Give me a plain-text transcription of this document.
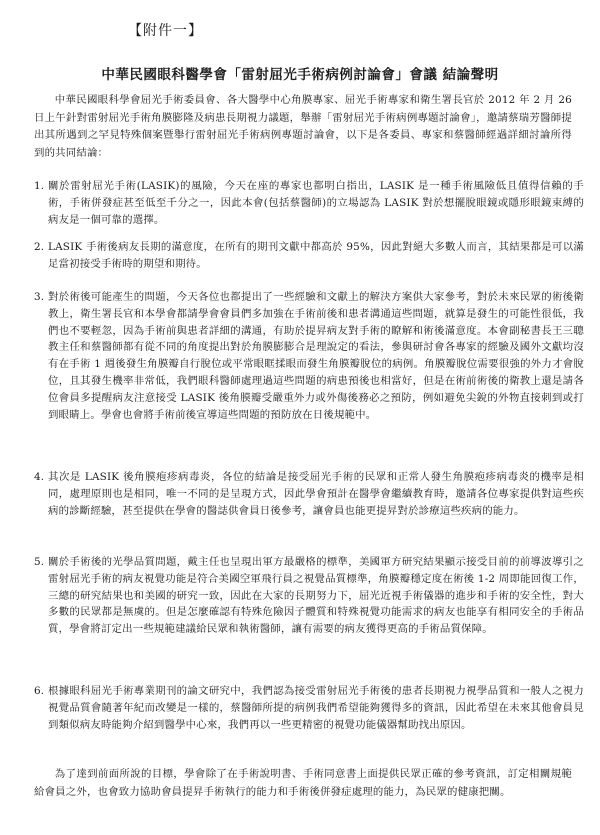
【附件一】
中華民國眼科醫學會「雷射屈光手術病例討論會」會議 結論聲明
中華民國眼科學會屈光手術委員會、各大醫學中心角膜專家、屈光手術專家和衛生署長官於 2012 年 2 月 26 日上午針對雷射屈光手術角膜膨隆及病患長期視力議題，舉辦「雷射屈光手術病例專題討論會」，邀請蔡瑞芳醫師提出其所遇到之罕見特殊個案暨舉行雷射屈光手術病例專題討論會，以下是各委員、專家和蔡醫師經過詳細討論所得到的共同結論：
1. 關於雷射屈光手術(LASIK)的風險，今天在座的專家也都明白指出，LASIK 是一種手術風險低且值得信賴的手術，手術併發症甚至低至千分之一，因此本會(包括蔡醫師)的立場認為 LASIK 對於想擺脫眼鏡或隱形眼鏡束縛的病友是一個可靠的選擇。
2. LASIK 手術後病友長期的滿意度，在所有的期刊文獻中都高於 95%，因此對絕大多數人而言，其結果都是可以滿足當初接受手術時的期望和期待。
3. 對於術後可能產生的問題，今天各位也都提出了一些經驗和文獻上的解決方案供大家參考，對於未來民眾的術後衛教上，衛生署長官和本學會都請學會會員們多加強在手術前後和患者溝通這些問題，就算是發生的可能性很低，我們也不要輕忽，因為手術前與患者詳細的溝通，有助於提昇病友對手術的瞭解和術後滿意度。本會副秘書長王三聰教主任和蔡醫師都有從不同的角度提出對於角膜膨膨合是理說定的看法，參與研討會各專家的經驗及國外文獻均沒有在手術 1 週後發生角膜瓣自行脫位或平常眼眶揉眼而發生角膜瓣脫位的病例。角膜瓣脫位需要很強的外力才會脫位，且其發生機率非常低，我們眼科醫師處理過這些問題的病患預後也相當好，但是在術前術後的衛教上還是請各位會員多提醒病友注意接受 LASIK 後角膜瓣受嚴重外力或外傷後務必之預防，例如避免尖銳的外物直接刺到或打到眼睛上。學會也會將手術前後宣導這些問題的預防放在日後規範中。
4. 其次是 LASIK 後角膜疱疹病毒炎，各位的結論是接受屈光手術的民眾和正常人發生角膜疱疹病毒炎的機率是相同，處理原則也是相同，唯一不同的是呈現方式，因此學會預計在醫學會繼續教育時，邀請各位專家提供對這些疾病的診斷經驗，甚至提供在學會的醫誌供會員日後參考，讓會員也能更提昇對於診療這些疾病的能力。
5. 關於手術後的光學品質問題，戴主任也呈現出軍方最嚴格的標準，美國軍方研究結果顯示接受目前的前導波導引之雷射屈光手術的病友視覺功能是符合美國空軍飛行員之視覺品質標準，角膜瓣穩定度在術後 1-2 周即能回復工作，三總的研究結果也和美國的研究一致，因此在大家的長期努力下，屈光近視手術儀器的進步和手術的安全性，對大多數的民眾都是無虞的。但是怎麼確認有特殊危險因子體質和特殊視覺功能需求的病友也能享有相同安全的手術品質，學會將訂定出一些規範建議給民眾和執術醫師，讓有需要的病友獲得更高的手術品質保障。
6. 根據眼科屈光手術專業期刊的論文研究中，我們認為接受雷射屈光手術後的患者長期視力視學品質和一般人之視力視覺品質會隨著年紀而改變是一樣的，蔡醫師所提的病例我們希望能夠獲得多的資訊，因此希望在未來其他會員見到類似病友時能夠介紹到醫學中心來，我們再以一些更精密的視覺功能儀器幫助找出原因。
為了達到前面所說的目標，學會除了在手術說明書、手術同意書上面提供民眾正確的參考資訊，訂定相關規範給會員之外，也會致力協助會員提昇手術執行的能力和手術後併發症處理的能力，為民眾的健康把關。
